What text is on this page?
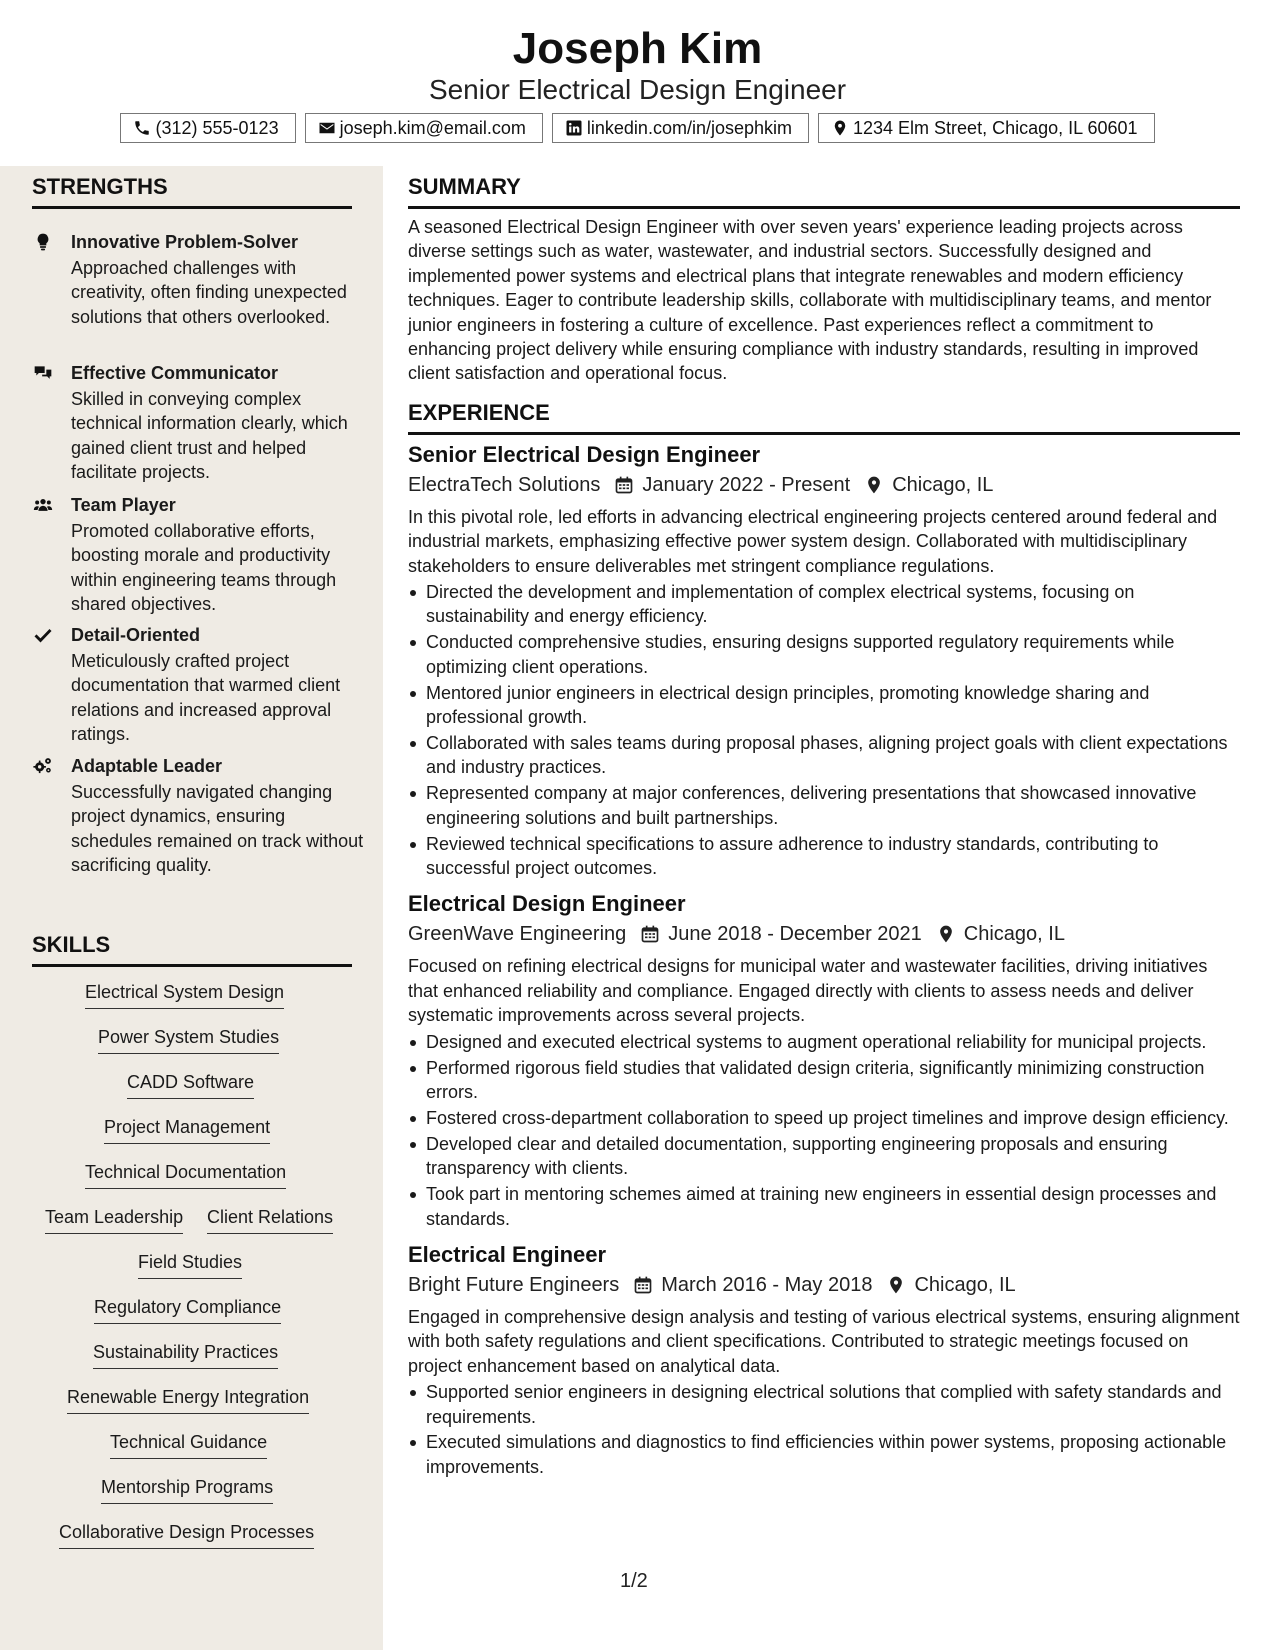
Joseph Kim
Senior Electrical Design Engineer
(312) 555-0123	joseph.kim@email.com	linkedin.com/in/josephkim	1234 Elm Street, Chicago, IL 60601
STRENGTHS
Innovative Problem-Solver
Approached challenges with creativity, often finding unexpected solutions that others overlooked.
Effective Communicator
Skilled in conveying complex technical information clearly, which gained client trust and helped facilitate projects.
Team Player
Promoted collaborative efforts, boosting morale and productivity within engineering teams through shared objectives.
Detail-Oriented
Meticulously crafted project documentation that warmed client relations and increased approval ratings.
Adaptable Leader
Successfully navigated changing project dynamics, ensuring schedules remained on track without sacrificing quality.
SKILLS
Electrical System Design
Power System Studies
CADD Software
Project Management
Technical Documentation
Team Leadership Client Relations
Field Studies
Regulatory Compliance
Sustainability Practices
Renewable Energy Integration
Technical Guidance
Mentorship Programs
Collaborative Design Processes
SUMMARY
A seasoned Electrical Design Engineer with over seven years' experience leading projects across diverse settings such as water, wastewater, and industrial sectors. Successfully designed and implemented power systems and electrical plans that integrate renewables and modern efficiency techniques. Eager to contribute leadership skills, collaborate with multidisciplinary teams, and mentor junior engineers in fostering a culture of excellence. Past experiences reflect a commitment to enhancing project delivery while ensuring compliance with industry standards, resulting in improved client satisfaction and operational focus.
EXPERIENCE
Senior Electrical Design Engineer
ElectraTech Solutions January 2022 - Present Chicago, IL
In this pivotal role, led efforts in advancing electrical engineering projects centered around federal and industrial markets, emphasizing effective power system design. Collaborated with multidisciplinary stakeholders to ensure deliverables met stringent compliance regulations.
Directed the development and implementation of complex electrical systems, focusing on sustainability and energy efficiency.
Conducted comprehensive studies, ensuring designs supported regulatory requirements while optimizing client operations.
Mentored junior engineers in electrical design principles, promoting knowledge sharing and professional growth.
Collaborated with sales teams during proposal phases, aligning project goals with client expectations and industry practices.
Represented company at major conferences, delivering presentations that showcased innovative engineering solutions and built partnerships.
Reviewed technical specifications to assure adherence to industry standards, contributing to successful project outcomes.
Electrical Design Engineer
GreenWave Engineering June 2018 - December 2021 Chicago, IL
Focused on refining electrical designs for municipal water and wastewater facilities, driving initiatives that enhanced reliability and compliance. Engaged directly with clients to assess needs and deliver systematic improvements across several projects.
Designed and executed electrical systems to augment operational reliability for municipal projects.
Performed rigorous field studies that validated design criteria, significantly minimizing construction errors.
Fostered cross-department collaboration to speed up project timelines and improve design efficiency.
Developed clear and detailed documentation, supporting engineering proposals and ensuring transparency with clients.
Took part in mentoring schemes aimed at training new engineers in essential design processes and standards.
Electrical Engineer
Bright Future Engineers March 2016 - May 2018 Chicago, IL
Engaged in comprehensive design analysis and testing of various electrical systems, ensuring alignment with both safety regulations and client specifications. Contributed to strategic meetings focused on project enhancement based on analytical data.
Supported senior engineers in designing electrical solutions that complied with safety standards and requirements.
Executed simulations and diagnostics to find efficiencies within power systems, proposing actionable improvements.
1/2
